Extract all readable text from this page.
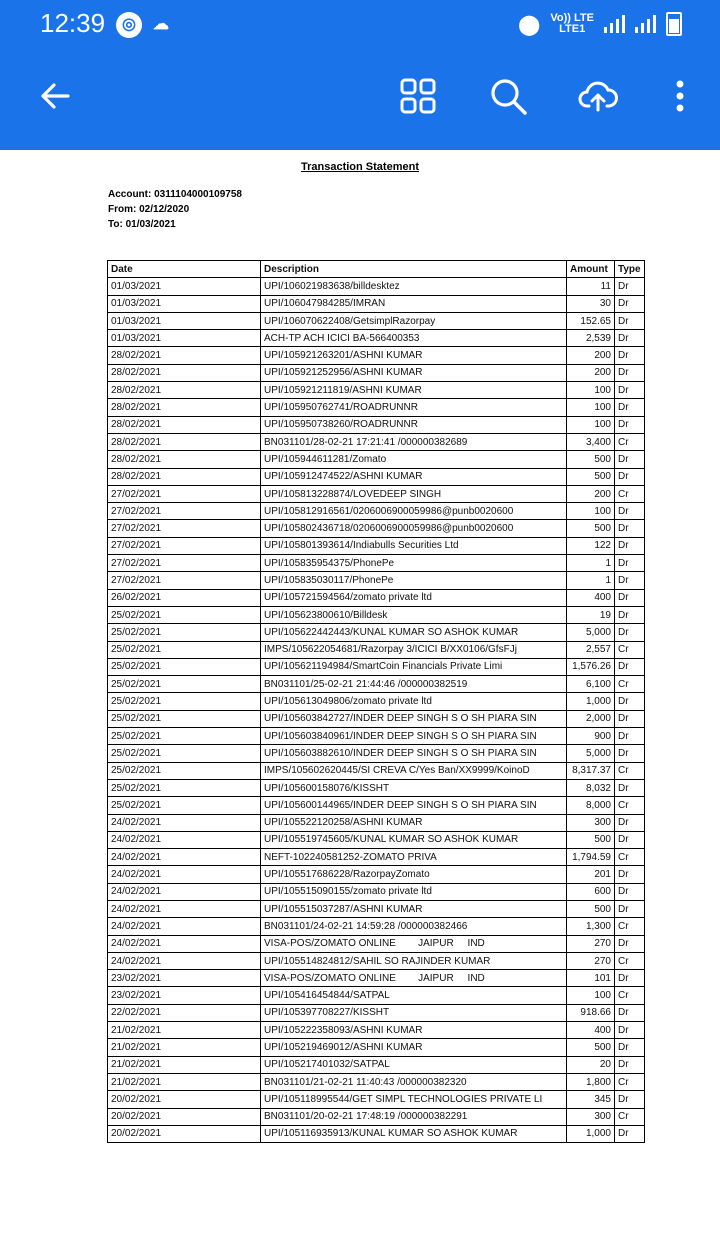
12:39	◎	☁	⬤ Vo)) LTE
LTE1
Transaction Statement
Account: 0311104000109758
From: 02/12/2020
To: 01/03/2021
Date	Description	Amount	Type
01/03/2021	UPI/106021983638/billdesktez	11	Dr
01/03/2021	UPI/106047984285/IMRAN	30	Dr
01/03/2021	UPI/106070622408/GetsimplRazorpay	152.65	Dr
01/03/2021	ACH-TP ACH ICICI BA-566400353	2,539	Dr
28/02/2021	UPI/105921263201/ASHNI KUMAR	200	Dr
28/02/2021	UPI/105921252956/ASHNI KUMAR	200	Dr
28/02/2021	UPI/105921211819/ASHNI KUMAR	100	Dr
28/02/2021	UPI/105950762741/ROADRUNNR	100	Dr
28/02/2021	UPI/105950738260/ROADRUNNR	100	Dr
28/02/2021	BN031101/28-02-21 17:21:41 /000000382689	3,400	Cr
28/02/2021	UPI/105944611281/Zomato	500	Dr
28/02/2021	UPI/105912474522/ASHNI KUMAR	500	Dr
27/02/2021	UPI/105813228874/LOVEDEEP SINGH	200	Cr
27/02/2021	UPI/105812916561/0206006900059986@punb0020600	100	Dr
27/02/2021	UPI/105802436718/0206006900059986@punb0020600	500	Dr
27/02/2021	UPI/105801393614/Indiabulls Securities Ltd	122	Dr
27/02/2021	UPI/105835954375/PhonePe	1	Dr
27/02/2021	UPI/105835030117/PhonePe	1	Dr
26/02/2021	UPI/105721594564/zomato private ltd	400	Dr
25/02/2021	UPI/105623800610/Billdesk	19	Dr
25/02/2021	UPI/105622442443/KUNAL KUMAR SO ASHOK KUMAR	5,000	Dr
25/02/2021	IMPS/105622054681/Razorpay 3/ICICI B/XX0106/GfsFJj	2,557	Cr
25/02/2021	UPI/105621194984/SmartCoin Financials Private Limi	1,576.26	Dr
25/02/2021	BN031101/25-02-21 21:44:46 /000000382519	6,100	Cr
25/02/2021	UPI/105613049806/zomato private ltd	1,000	Dr
25/02/2021	UPI/105603842727/INDER DEEP SINGH S O SH PIARA SIN	2,000	Dr
25/02/2021	UPI/105603840961/INDER DEEP SINGH S O SH PIARA SIN	900	Dr
25/02/2021	UPI/105603882610/INDER DEEP SINGH S O SH PIARA SIN	5,000	Dr
25/02/2021	IMPS/105602620445/SI CREVA C/Yes Ban/XX9999/KoinoD	8,317.37	Cr
25/02/2021	UPI/105600158076/KISSHT	8,032	Dr
25/02/2021	UPI/105600144965/INDER DEEP SINGH S O SH PIARA SIN	8,000	Cr
24/02/2021	UPI/105522120258/ASHNI KUMAR	300	Dr
24/02/2021	UPI/105519745605/KUNAL KUMAR SO ASHOK KUMAR	500	Dr
24/02/2021	NEFT-102240581252-ZOMATO PRIVA	1,794.59	Cr
24/02/2021	UPI/105517686228/RazorpayZomato	201	Dr
24/02/2021	UPI/105515090155/zomato private ltd	600	Dr
24/02/2021	UPI/105515037287/ASHNI KUMAR	500	Dr
24/02/2021	BN031101/24-02-21 14:59:28 /000000382466	1,300	Cr
24/02/2021	VISA-POS/ZOMATO ONLINE        JAIPUR     IND	270	Dr
24/02/2021	UPI/105514824812/SAHIL SO RAJINDER KUMAR	270	Cr
23/02/2021	VISA-POS/ZOMATO ONLINE        JAIPUR     IND	101	Dr
23/02/2021	UPI/105416454844/SATPAL	100	Cr
22/02/2021	UPI/105397708227/KISSHT	918.66	Dr
21/02/2021	UPI/105222358093/ASHNI KUMAR	400	Dr
21/02/2021	UPI/105219469012/ASHNI KUMAR	500	Dr
21/02/2021	UPI/105217401032/SATPAL	20	Dr
21/02/2021	BN031101/21-02-21 11:40:43 /000000382320	1,800	Cr
20/02/2021	UPI/105118995544/GET SIMPL TECHNOLOGIES PRIVATE LI	345	Dr
20/02/2021	BN031101/20-02-21 17:48:19 /000000382291	300	Cr
20/02/2021	UPI/105116935913/KUNAL KUMAR SO ASHOK KUMAR	1,000	Dr
